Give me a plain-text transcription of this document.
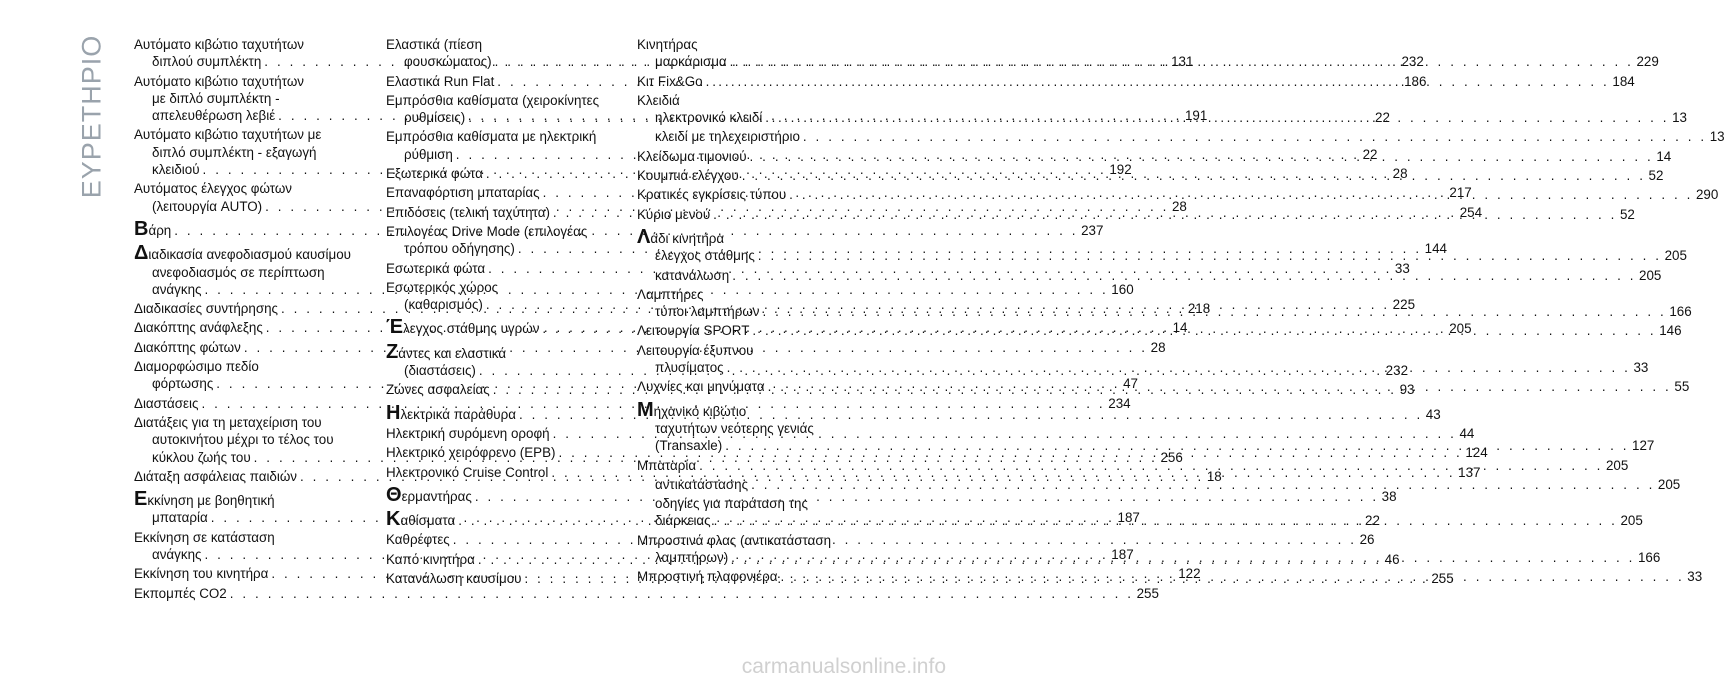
ΕΥΡΕΤΗΡΙΟ Αυτόματο κιβώτιο ταχυτήτων
διπλού συμπλέκτη . . .	131
Αυτόματο κιβώτιο ταχυτήτων
με διπλό συμπλέκτη -
απελευθέρωση λεβιέ . . .	191
Αυτόματο κιβώτιο ταχυτήτων με
διπλό συμπλέκτη - εξαγωγή
κλειδιού . . .	192
Αυτόματος έλεγχος φώτων
(λειτουργία AUTO) . . .	28
Βάρη . . .	237
Διαδικασία ανεφοδιασμού καυσίμου
ανεφοδιασμός σε περίπτωση
ανάγκης . . .	160
Διαδικασίες συντήρησης . . .	218
Διακόπτης ανάφλεξης . . .	14
Διακόπτης φώτων . . .	28
Διαμορφώσιμο πεδίο
φόρτωσης . . .	47
Διαστάσεις . . .	234
Διατάξεις για τη μεταχείριση του
αυτοκινήτου μέχρι το τέλος του
κύκλου ζωής του . . .	256
Διάταξη ασφάλειας παιδιών . . .	18
Εκκίνηση με βοηθητική
μπαταρία . . .	187
Εκκίνηση σε κατάσταση
ανάγκης . . .	187
Εκκίνηση του κινητήρα . . .	122
Εκπομπές CO2 . . .	255
Ελαστικά (πίεση
φουσκώματος) . . .	232
Ελαστικά Run Flat . . .	186
Εμπρόσθια καθίσματα (χειροκίνητες
ρυθμίσεις) . . .	22
Εμπρόσθια καθίσματα με ηλεκτρική
ρύθμιση . . .	22
Εξωτερικά φώτα . . .	28
Επαναφόρτιση μπαταρίας . . .	217
Επιδόσεις (τελική ταχύτητα) . . .	254
Επιλογέας Drive Mode (επιλογέας
τρόπου οδήγησης) . . .	144
Εσωτερικά φώτα . . .	33
Εσωτερικός χώρος
(καθαρισμός) . . .	225
Έλεγχος στάθμης υγρών . . .	205
Ζάντες και ελαστικά
(διαστάσεις) . . .	232
Ζώνες ασφαλείας . . .	93
Ηλεκτρικά παράθυρα . . .	43
Ηλεκτρική συρόμενη οροφή . . .	44
Ηλεκτρικό χειρόφρενο (EPB) . . .	124
Ηλεκτρονικό Cruise Control . . .	137
Θερμαντήρας . . .	38
Καθίσματα . . .	22
Καθρέφτες . . .	26
Καπό κινητήρα . . .	46
Κατανάλωση καυσίμου . . .	255
Κινητήρας
μαρκάρισμα . . .	229
Κιτ Fix&Go . . .	184
Κλειδιά
ηλεκτρονικό κλειδί . . .	13
κλειδί με τηλεχειριστήριο . . .	13
Κλείδωμα τιμονιού . . .	14
Κουμπιά ελέγχου . . .	52
Κρατικές εγκρίσεις τύπου . . .	290
Κύριο μενού . . .	52
Λάδι κινητήρα
έλεγχος στάθμης . . .	205
κατανάλωση . . .	205
Λαμπτήρες
τύποι λαμπτήρων . . .	166
Λειτουργία SPORT . . .	146
Λειτουργία έξυπνου
πλυσίματος . . .	33
Λυχνίες και μηνύματα . . .	55
Μηχανικό κιβώτιο
ταχυτήτων νεότερης γενιάς
(Transaxle) . . .	127
Μπαταρία . . .	205
αντικατάστασης . . .	205
οδηγίες για παράταση της
διάρκειας . . .	205
Μπροστινά φλας (αντικατάσταση
λαμπτήρων) . . .	166
Μπροστινή πλαφονιέρα . . .	33
carmanualsonline.info
